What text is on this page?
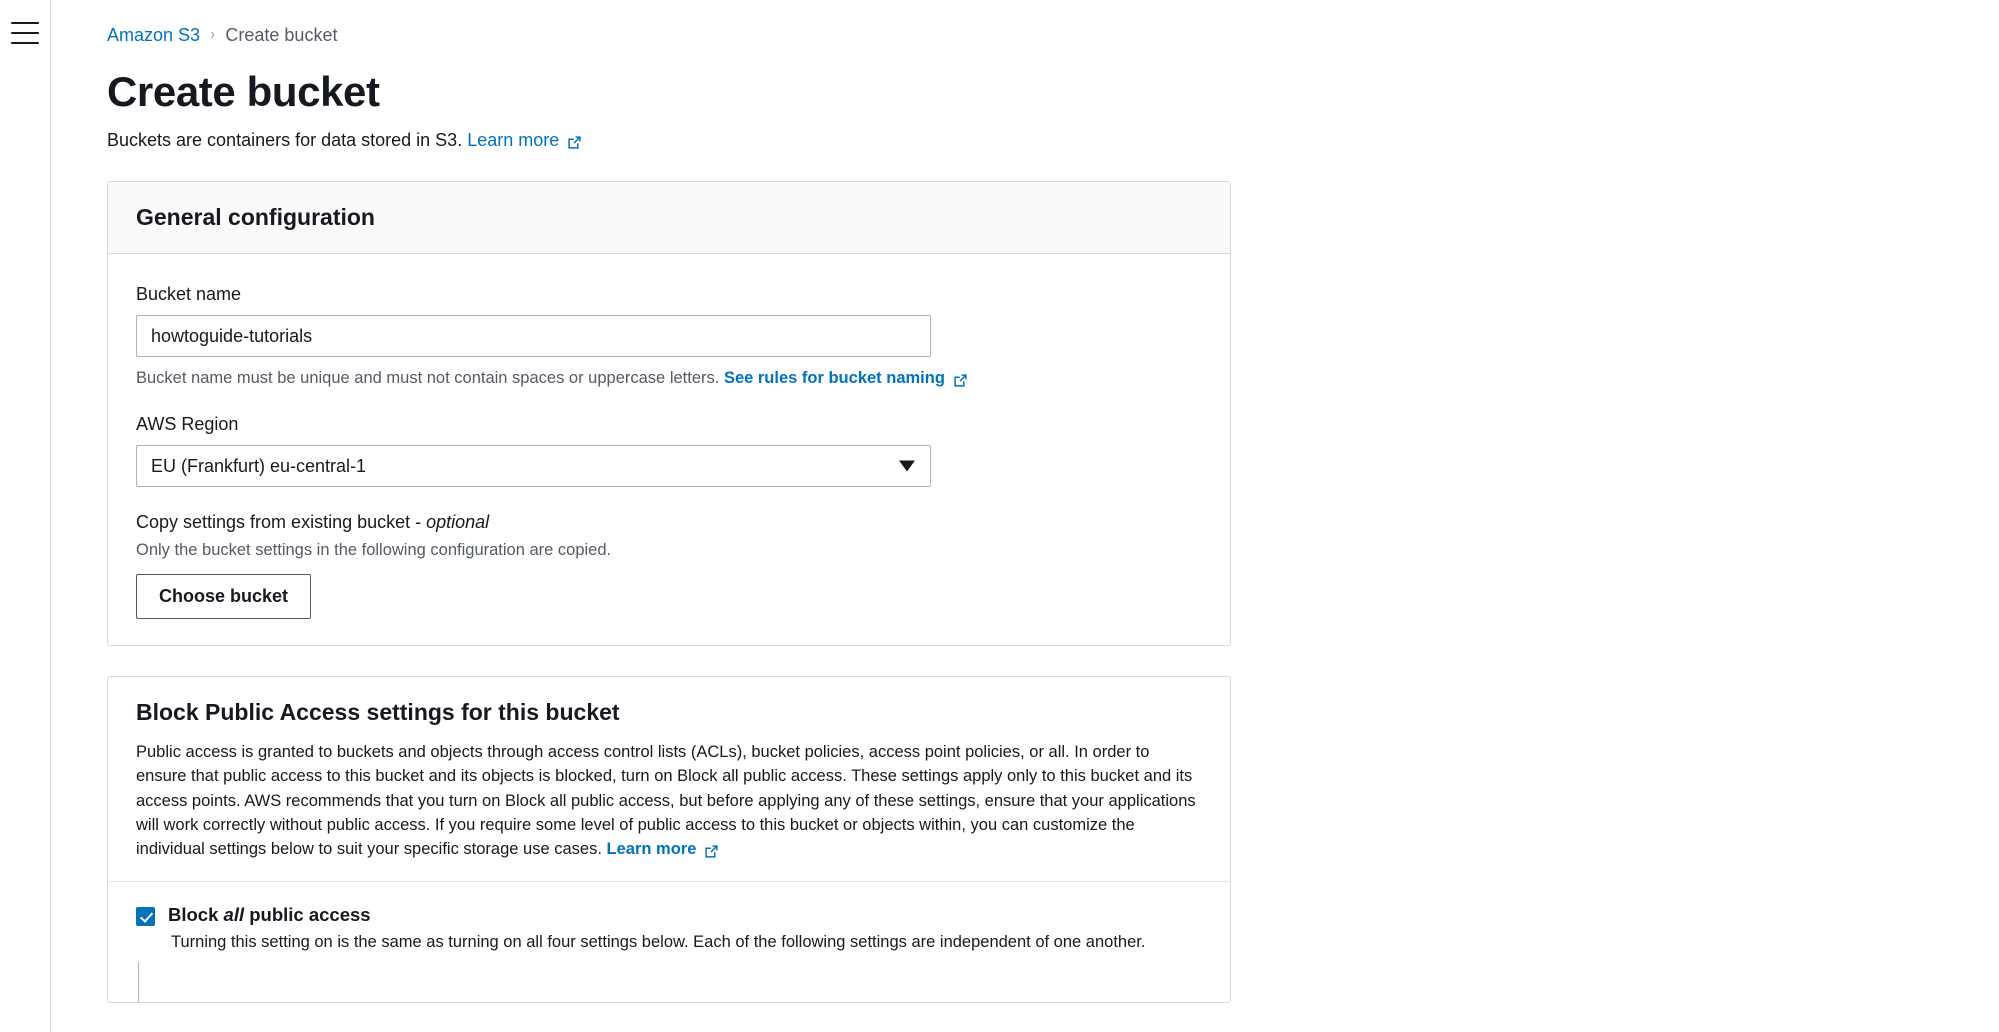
Amazon S3 › Create bucket
Create bucket
Buckets are containers for data stored in S3. Learn more
General configuration
Bucket name
howtoguide-tutorials
Bucket name must be unique and must not contain spaces or uppercase letters. See rules for bucket naming
AWS Region
EU (Frankfurt) eu-central-1
Copy settings from existing bucket - optional
Only the bucket settings in the following configuration are copied.
Choose bucket
Block Public Access settings for this bucket
Public access is granted to buckets and objects through access control lists (ACLs), bucket policies, access point policies, or all. In order to ensure that public access to this bucket and its objects is blocked, turn on Block all public access. These settings apply only to this bucket and its access points. AWS recommends that you turn on Block all public access, but before applying any of these settings, ensure that your applications will work correctly without public access. If you require some level of public access to this bucket or objects within, you can customize the individual settings below to suit your specific storage use cases. Learn more
Block all public access
Turning this setting on is the same as turning on all four settings below. Each of the following settings are independent of one another.
